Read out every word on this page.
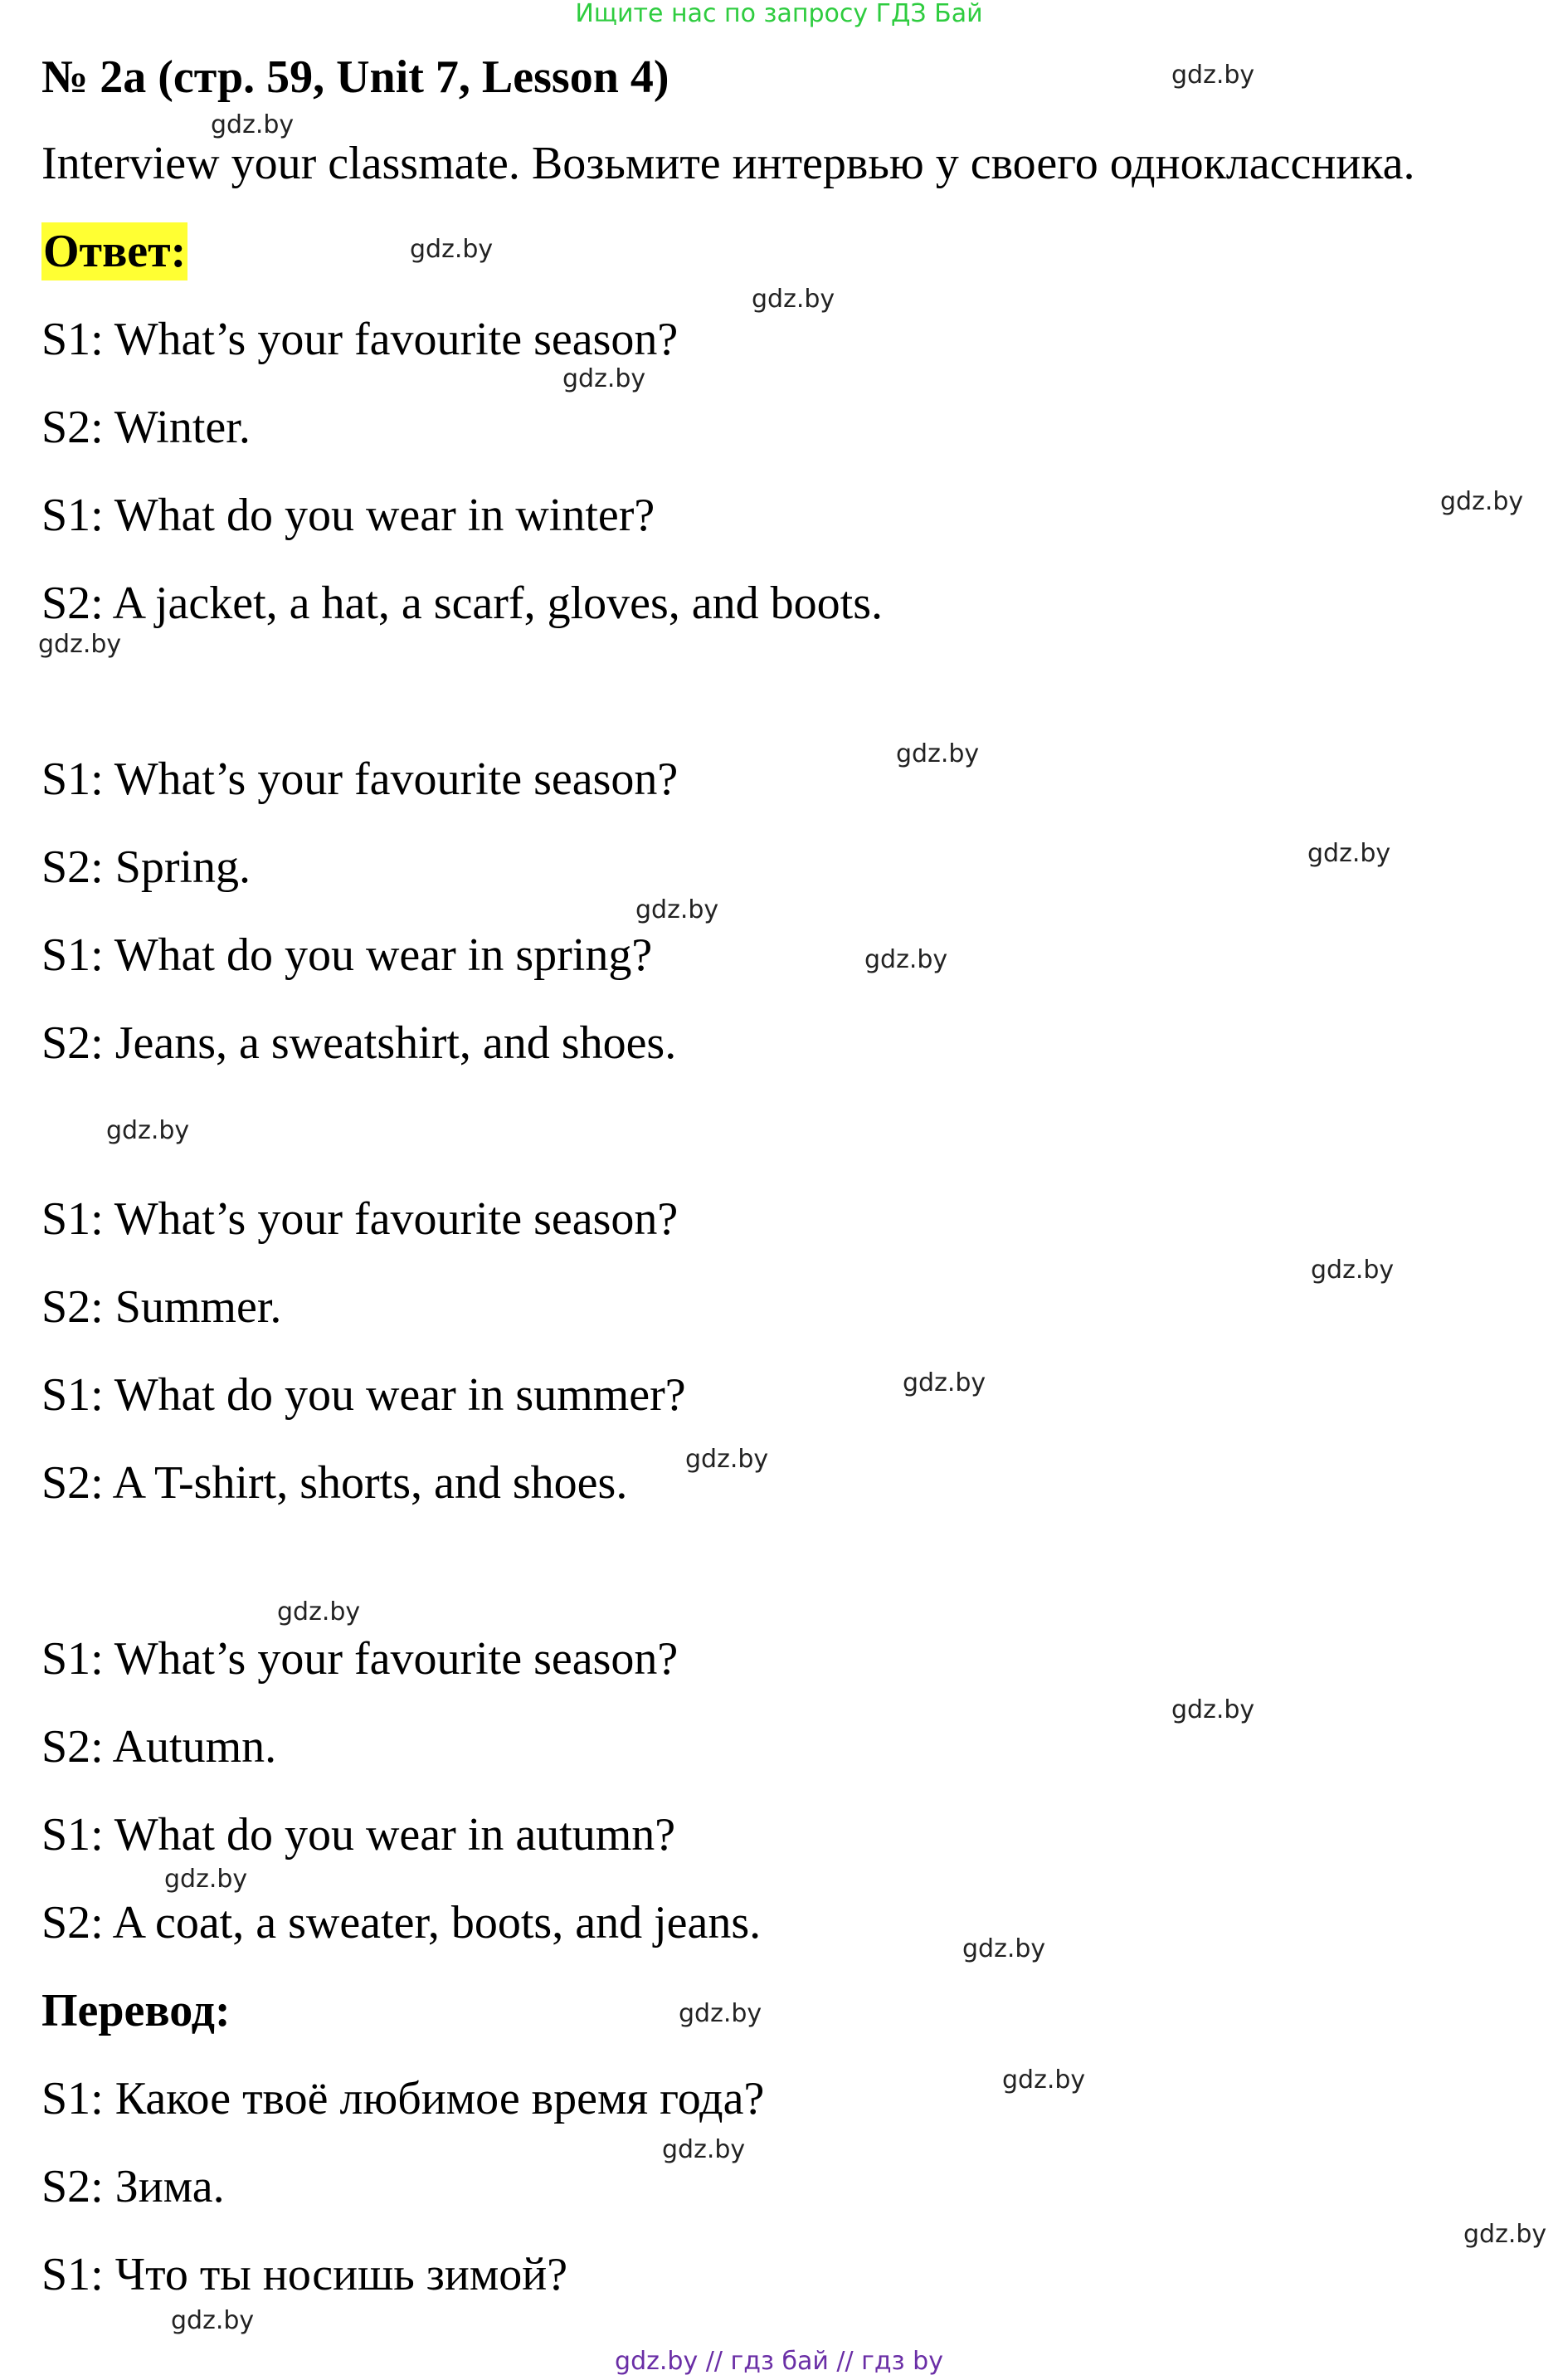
Ищите нас по запросу ГДЗ Бай
№ 2a (стр. 59, Unit 7, Lesson 4)
Interview your classmate. Возьмите интервью у своего одноклассника.
Ответ:
S1: What’s your favourite season?
S2: Winter.
S1: What do you wear in winter?
S2: A jacket, a hat, a scarf, gloves, and boots.
S1: What’s your favourite season?
S2: Spring.
S1: What do you wear in spring?
S2: Jeans, a sweatshirt, and shoes.
S1: What’s your favourite season?
S2: Summer.
S1: What do you wear in summer?
S2: A T-shirt, shorts, and shoes.
S1: What’s your favourite season?
S2: Autumn.
S1: What do you wear in autumn?
S2: A coat, a sweater, boots, and jeans.
Перевод:
S1: Какое твоё любимое время года?
S2: Зима.
S1: Что ты носишь зимой?
gdz.by
gdz.by
gdz.by
gdz.by
gdz.by
gdz.by
gdz.by
gdz.by
gdz.by
gdz.by
gdz.by
gdz.by
gdz.by
gdz.by
gdz.by
gdz.by
gdz.by
gdz.by
gdz.by
gdz.by
gdz.by
gdz.by
gdz.by
gdz.by
gdz.by // гдз бай // гдз by
